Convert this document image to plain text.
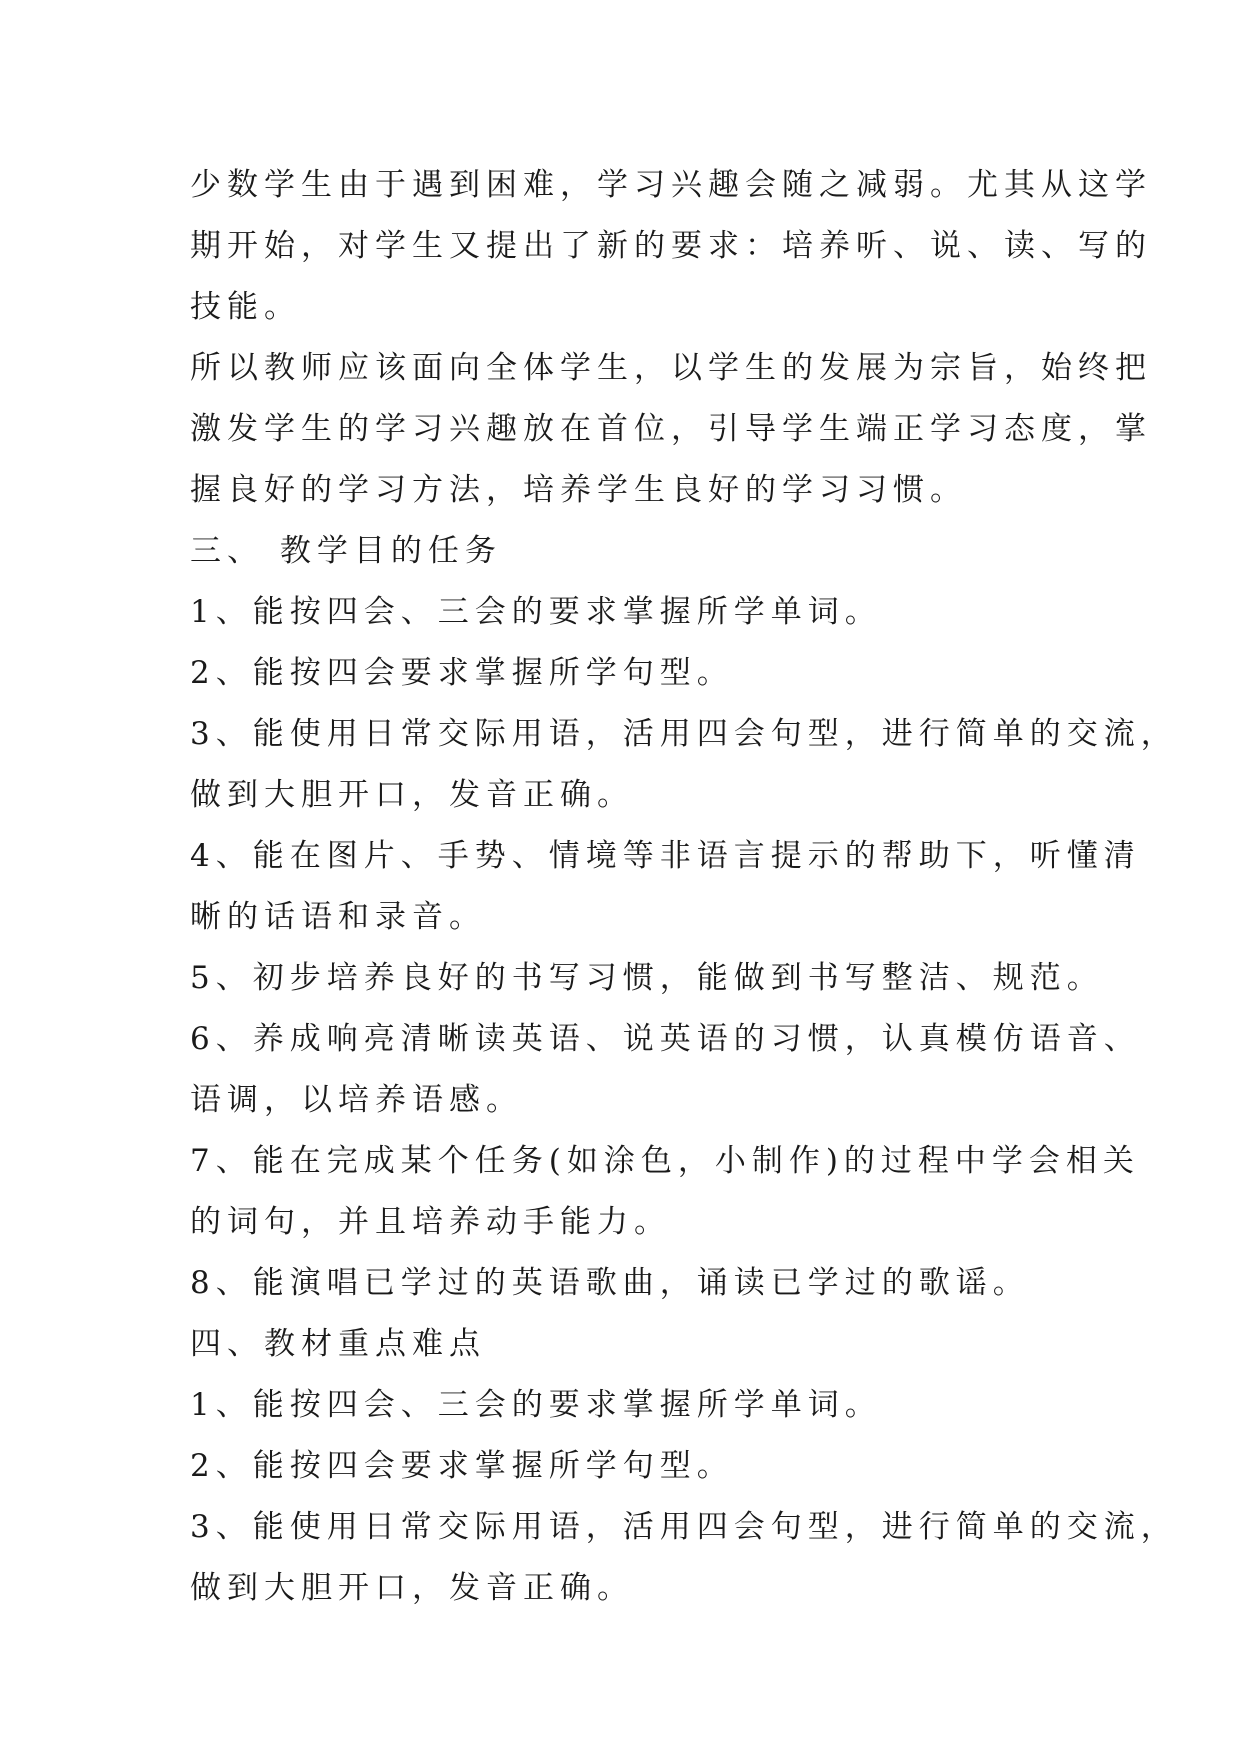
少数学生由于遇到困难，学习兴趣会随之减弱。尤其从这学
期开始，对学生又提出了新的要求：培养听、说、读、写的
技能。
所以教师应该面向全体学生，以学生的发展为宗旨，始终把
激发学生的学习兴趣放在首位，引导学生端正学习态度，掌
握良好的学习方法，培养学生良好的学习习惯。
三、 教学目的任务
1、能按四会、三会的要求掌握所学单词。
2、能按四会要求掌握所学句型。
3、能使用日常交际用语，活用四会句型，进行简单的交流，
做到大胆开口，发音正确。
4、能在图片、手势、情境等非语言提示的帮助下，听懂清
晰的话语和录音。
5、初步培养良好的书写习惯，能做到书写整洁、规范。
6、养成响亮清晰读英语、说英语的习惯，认真模仿语音、
语调，以培养语感。
7、能在完成某个任务(如涂色，小制作)的过程中学会相关
的词句，并且培养动手能力。
8、能演唱已学过的英语歌曲，诵读已学过的歌谣。
四、教材重点难点
1、能按四会、三会的要求掌握所学单词。
2、能按四会要求掌握所学句型。
3、能使用日常交际用语，活用四会句型，进行简单的交流，
做到大胆开口，发音正确。
